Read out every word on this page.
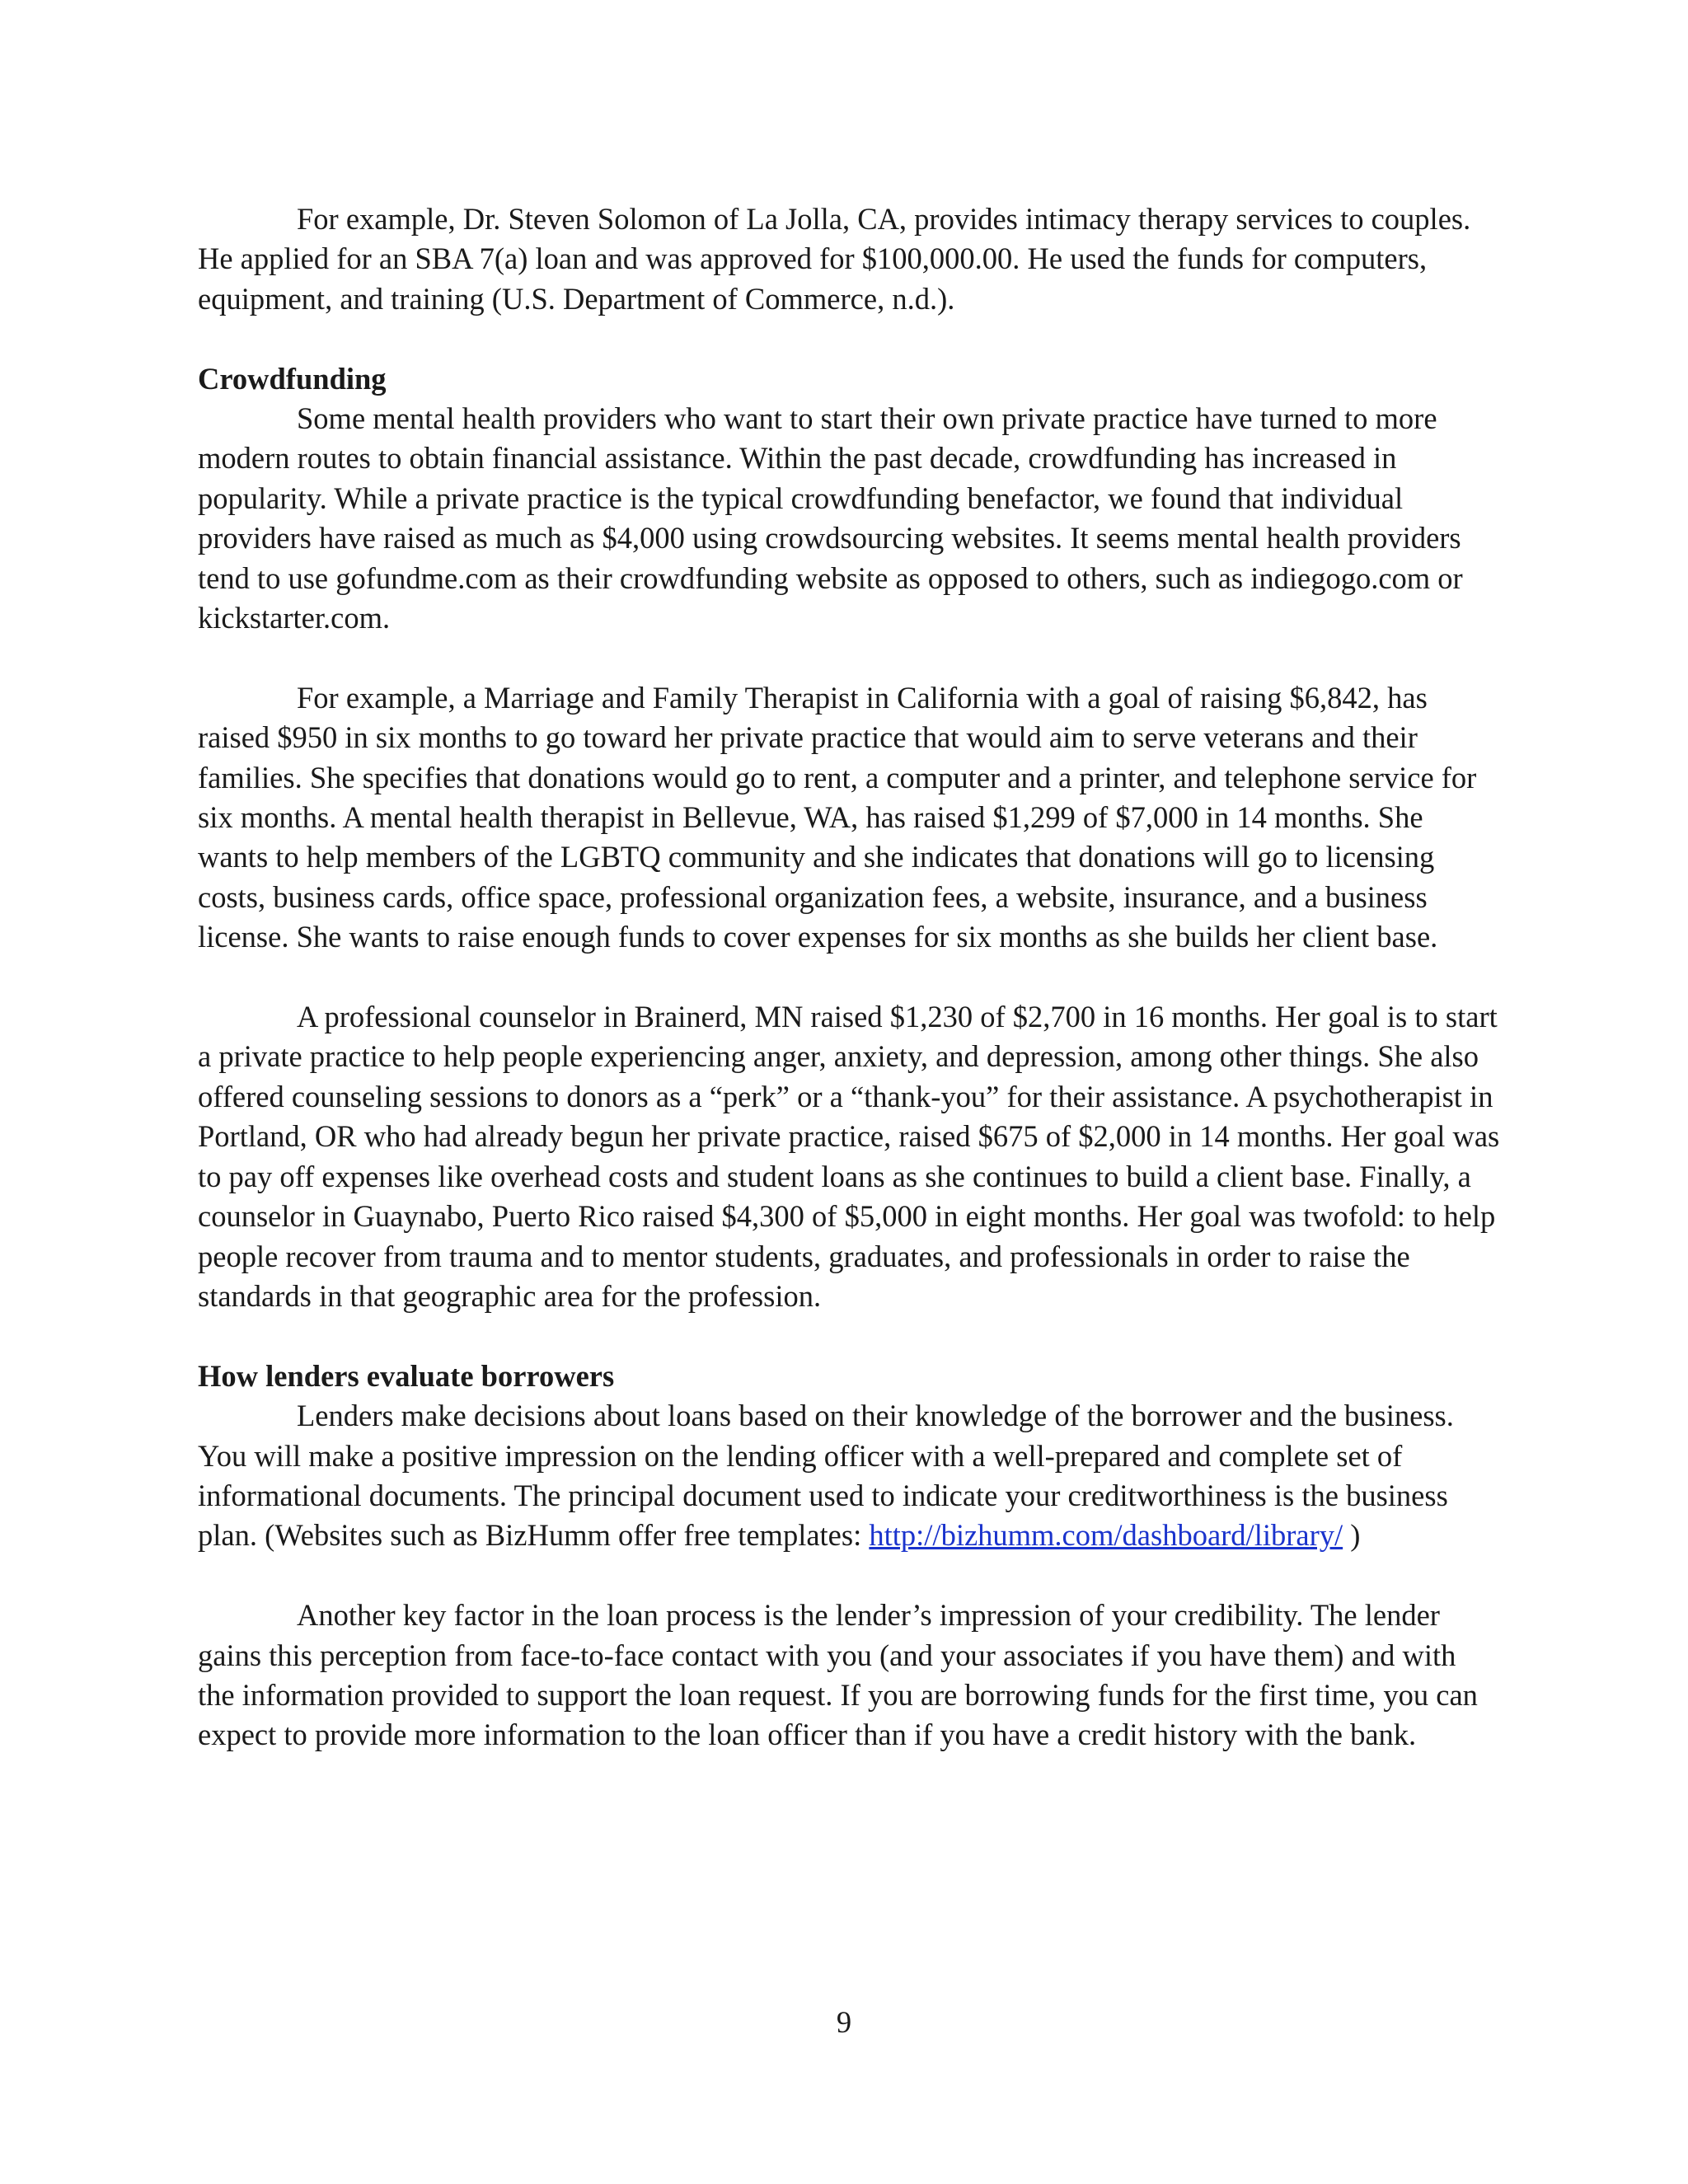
For example, Dr. Steven Solomon of La Jolla, CA, provides intimacy therapy services to couples. He applied for an SBA 7(a) loan and was approved for $100,000.00. He used the funds for computers, equipment, and training (U.S. Department of Commerce, n.d.).

Crowdfunding

Some mental health providers who want to start their own private practice have turned to more modern routes to obtain financial assistance. Within the past decade, crowdfunding has increased in popularity. While a private practice is the typical crowdfunding benefactor, we found that individual providers have raised as much as $4,000 using crowdsourcing websites. It seems mental health providers tend to use gofundme.com as their crowdfunding website as opposed to others, such as indiegogo.com or kickstarter.com.

For example, a Marriage and Family Therapist in California with a goal of raising $6,842, has raised $950 in six months to go toward her private practice that would aim to serve veterans and their families. She specifies that donations would go to rent, a computer and a printer, and telephone service for six months. A mental health therapist in Bellevue, WA, has raised $1,299 of $7,000 in 14 months. She wants to help members of the LGBTQ community and she indicates that donations will go to licensing costs, business cards, office space, professional organization fees, a website, insurance, and a business license. She wants to raise enough funds to cover expenses for six months as she builds her client base.

A professional counselor in Brainerd, MN raised $1,230 of $2,700 in 16 months. Her goal is to start a private practice to help people experiencing anger, anxiety, and depression, among other things. She also offered counseling sessions to donors as a “perk” or a “thank-you” for their assistance. A psychotherapist in Portland, OR who had already begun her private practice, raised $675 of $2,000 in 14 months. Her goal was to pay off expenses like overhead costs and student loans as she continues to build a client base. Finally, a counselor in Guaynabo, Puerto Rico raised $4,300 of $5,000 in eight months. Her goal was twofold: to help people recover from trauma and to mentor students, graduates, and professionals in order to raise the standards in that geographic area for the profession.

How lenders evaluate borrowers

Lenders make decisions about loans based on their knowledge of the borrower and the business. You will make a positive impression on the lending officer with a well-prepared and complete set of informational documents. The principal document used to indicate your creditworthiness is the business plan. (Websites such as BizHumm offer free templates: http://bizhumm.com/dashboard/library/ )

Another key factor in the loan process is the lender’s impression of your credibility. The lender gains this perception from face-to-face contact with you (and your associates if you have them) and with the information provided to support the loan request. If you are borrowing funds for the first time, you can expect to provide more information to the loan officer than if you have a credit history with the bank.

9
